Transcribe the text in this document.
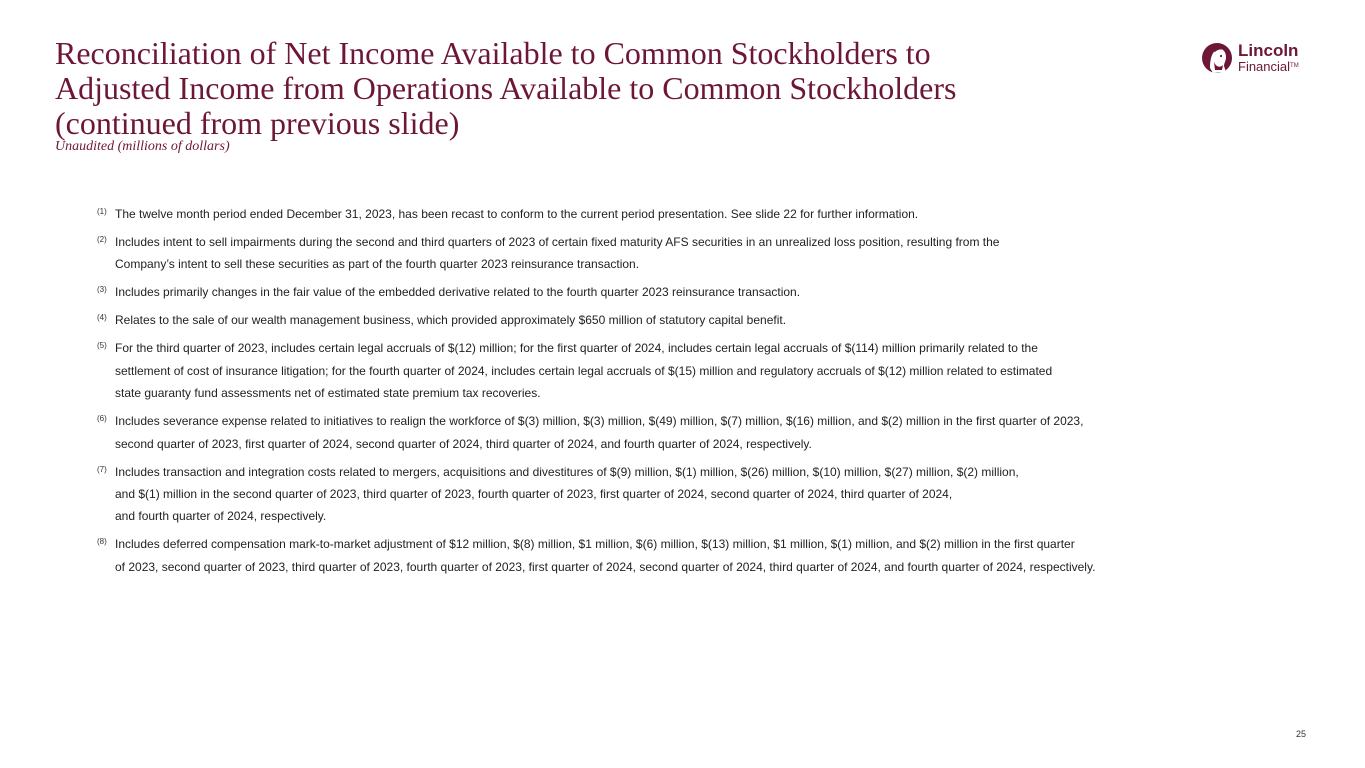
Reconciliation of Net Income Available to Common Stockholders to
Adjusted Income from Operations Available to Common Stockholders
(continued from previous slide)
Unaudited (millions of dollars)
Lincoln
Financial™
(1) The twelve month period ended December 31, 2023, has been recast to conform to the current period presentation. See slide 22 for further information.
(2) Includes intent to sell impairments during the second and third quarters of 2023 of certain fixed maturity AFS securities in an unrealized loss position, resulting from the
Company’s intent to sell these securities as part of the fourth quarter 2023 reinsurance transaction.
(3) Includes primarily changes in the fair value of the embedded derivative related to the fourth quarter 2023 reinsurance transaction.
(4) Relates to the sale of our wealth management business, which provided approximately $650 million of statutory capital benefit.
(5) For the third quarter of 2023, includes certain legal accruals of $(12) million; for the first quarter of 2024, includes certain legal accruals of $(114) million primarily related to the
settlement of cost of insurance litigation; for the fourth quarter of 2024, includes certain legal accruals of $(15) million and regulatory accruals of $(12) million related to estimated
state guaranty fund assessments net of estimated state premium tax recoveries.
(6) Includes severance expense related to initiatives to realign the workforce of $(3) million, $(3) million, $(49) million, $(7) million, $(16) million, and $(2) million in the first quarter of 2023,
second quarter of 2023, first quarter of 2024, second quarter of 2024, third quarter of 2024, and fourth quarter of 2024, respectively.
(7) Includes transaction and integration costs related to mergers, acquisitions and divestitures of $(9) million, $(1) million, $(26) million, $(10) million, $(27) million, $(2) million,
and $(1) million in the second quarter of 2023, third quarter of 2023, fourth quarter of 2023, first quarter of 2024, second quarter of 2024, third quarter of 2024,
and fourth quarter of 2024, respectively.
(8) Includes deferred compensation mark-to-market adjustment of $12 million, $(8) million, $1 million, $(6) million, $(13) million, $1 million, $(1) million, and $(2) million in the first quarter
of 2023, second quarter of 2023, third quarter of 2023, fourth quarter of 2023, first quarter of 2024, second quarter of 2024, third quarter of 2024, and fourth quarter of 2024, respectively.
25
